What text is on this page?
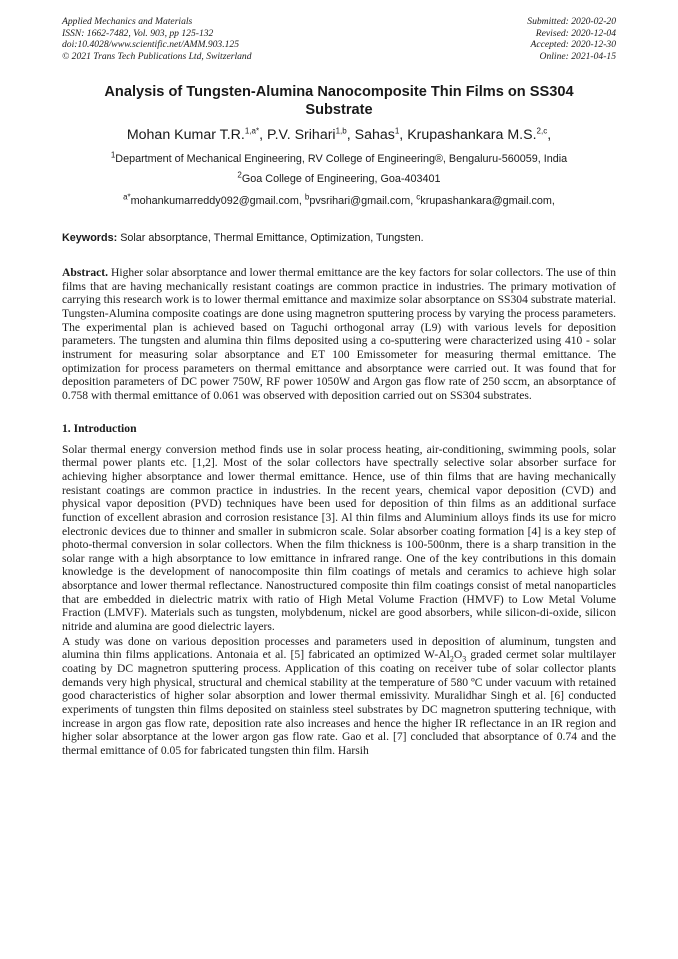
Applied Mechanics and Materials
ISSN: 1662-7482, Vol. 903, pp 125-132
doi:10.4028/www.scientific.net/AMM.903.125
© 2021 Trans Tech Publications Ltd, Switzerland
Submitted: 2020-02-20
Revised: 2020-12-04
Accepted: 2020-12-30
Online: 2021-04-15
Analysis of Tungsten-Alumina Nanocomposite Thin Films on SS304 Substrate
Mohan Kumar T.R.$^{1,a*}$, P.V. Srihari$^{1,b}$, Sahas$^1$, Krupashankara M.S.$^{2,c}$,
$^1$Department of Mechanical Engineering, RV College of Engineering®, Bengaluru-560059, India
$^2$Goa College of Engineering, Goa-403401
$^{a*}$mohankumarreddy092@gmail.com, $^b$pvsrihari@gmail.com, $^c$krupashankara@gmail.com,
Keywords: Solar absorptance, Thermal Emittance, Optimization, Tungsten.
Abstract. Higher solar absorptance and lower thermal emittance are the key factors for solar collectors. The use of thin films that are having mechanically resistant coatings are common practice in industries. The primary motivation of carrying this research work is to lower thermal emittance and maximize solar absorptance on SS304 substrate material. Tungsten-Alumina composite coatings are done using magnetron sputtering process by varying the process parameters. The experimental plan is achieved based on Taguchi orthogonal array (L9) with various levels for deposition parameters. The tungsten and alumina thin films deposited using a co-sputtering were characterized using 410 - solar instrument for measuring solar absorptance and ET 100 Emissometer for measuring thermal emittance. The optimization for process parameters on thermal emittance and absorptance were carried out. It was found that for deposition parameters of DC power 750W, RF power 1050W and Argon gas flow rate of 250 sccm, an absorptance of 0.758 with thermal emittance of 0.061 was observed with deposition carried out on SS304 substrates.
1. Introduction
Solar thermal energy conversion method finds use in solar process heating, air-conditioning, swimming pools, solar thermal power plants etc. [1,2]. Most of the solar collectors have spectrally selective solar absorber surface for achieving higher absorptance and lower thermal emittance. Hence, use of thin films that are having mechanically resistant coatings are common practice in industries. In the recent years, chemical vapor deposition (CVD) and physical vapor deposition (PVD) techniques have been used for deposition of thin films as an additional surface function of excellent abrasion and corrosion resistance [3]. Al thin films and Aluminium alloys finds its use for micro electronic devices due to thinner and smaller in submicron scale. Solar absorber coating formation [4] is a key step of photo-thermal conversion in solar collectors. When the film thickness is 100-500nm, there is a sharp transition in the solar range with a high absorptance to low emittance in infrared range. One of the key contributions in this domain knowledge is the development of nanocomposite thin film coatings of metals and ceramics to achieve high solar absorptance and lower thermal reflectance. Nanostructured composite thin film coatings consist of metal nanoparticles that are embedded in dielectric matrix with ratio of High Metal Volume Fraction (HMVF) to Low Metal Volume Fraction (LMVF). Materials such as tungsten, molybdenum, nickel are good absorbers, while silicon-di-oxide, silicon nitride and alumina are good dielectric layers.
A study was done on various deposition processes and parameters used in deposition of aluminum, tungsten and alumina thin films applications. Antonaia et al. [5] fabricated an optimized $W-Al_2O_3$ graded cermet solar multilayer coating by DC magnetron sputtering process. Application of this coating on receiver tube of solar collector plants demands very high physical, structural and chemical stability at the temperature of 580 ºC under vacuum with retained good characteristics of higher solar absorption and lower thermal emissivity. Muralidhar Singh et al. [6] conducted experiments of tungsten thin films deposited on stainless steel substrates by DC magnetron sputtering technique, with increase in argon gas flow rate, deposition rate also increases and hence the higher IR reflectance in an IR region and higher solar absorptance at the lower argon gas flow rate. Gao et al. [7] concluded that absorptance of 0.74 and the thermal emittance of 0.05 for fabricated tungsten thin film. Harsih
